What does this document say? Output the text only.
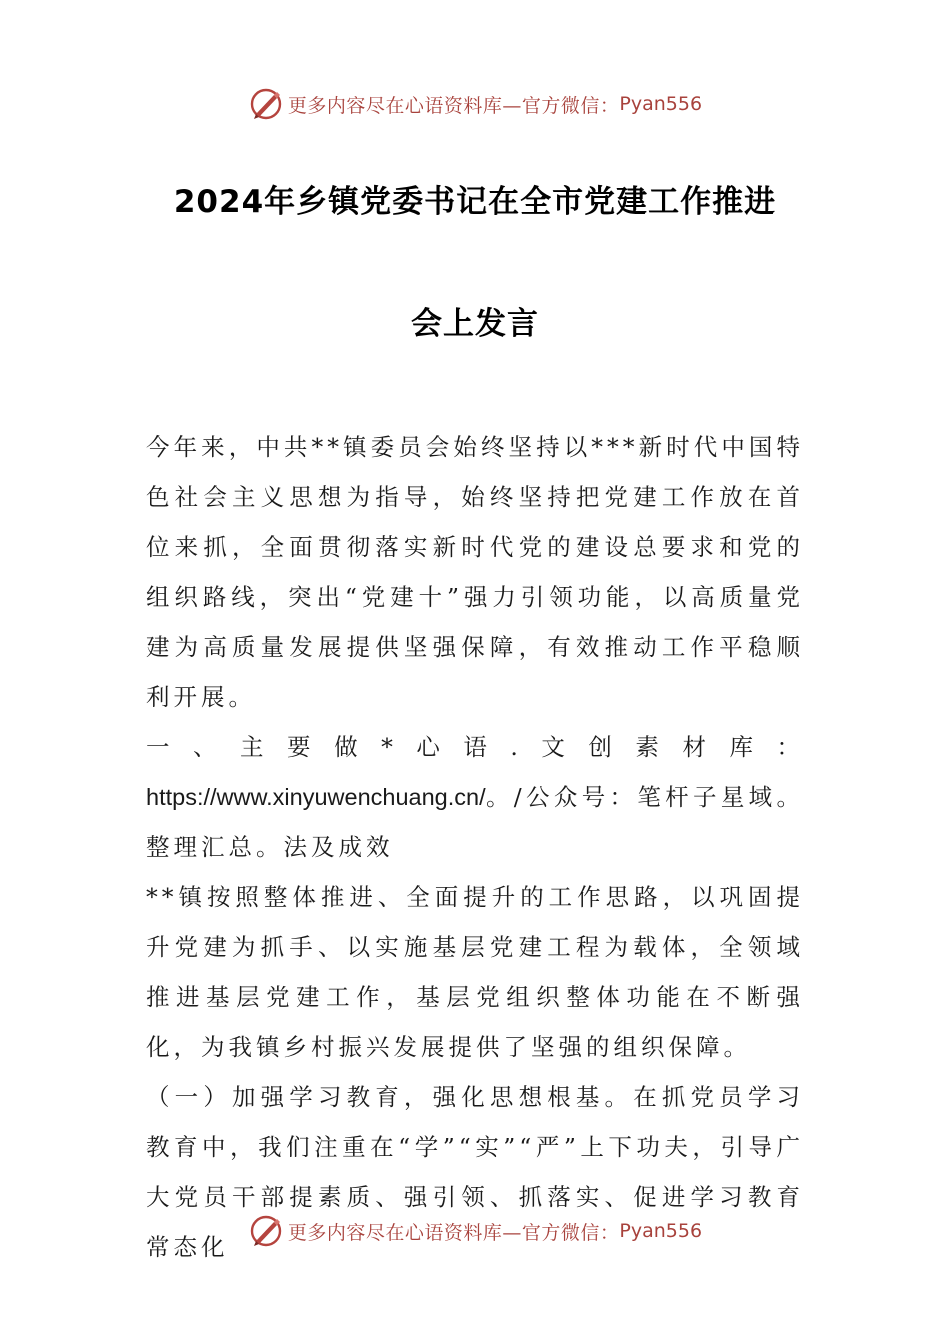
更多内容尽在心语资料库—官方微信： Pyan556
2024年乡镇党委书记在全市党建工作推进
会上发言

今年来，中共**镇委员会始终坚持以***新时代中国特色社会主义思想为指导，始终坚持把党建工作放在首位来抓，全面贯彻落实新时代党的建设总要求和党的组织路线，突出“党建十”强力引领功能，以高质量党建为高质量发展提供坚强保障，有效推动工作平稳顺利开展。

一、主要做*心语.文创素材库：https://www.xinyuwenchuang.cn/。/公众号：笔杆子星域。整理汇总。法及成效

**镇按照整体推进、全面提升的工作思路，以巩固提升党建为抓手、以实施基层党建工程为载体，全领域推进基层党建工作，基层党组织整体功能在不断强化，为我镇乡村振兴发展提供了坚强的组织保障。

（一）加强学习教育，强化思想根基。在抓党员学习教育中，我们注重在“学”“实”“严”上下功夫，引导广大党员干部提素质、强引领、抓落实、促进学习教育常态化

更多内容尽在心语资料库—官方微信： Pyan556
